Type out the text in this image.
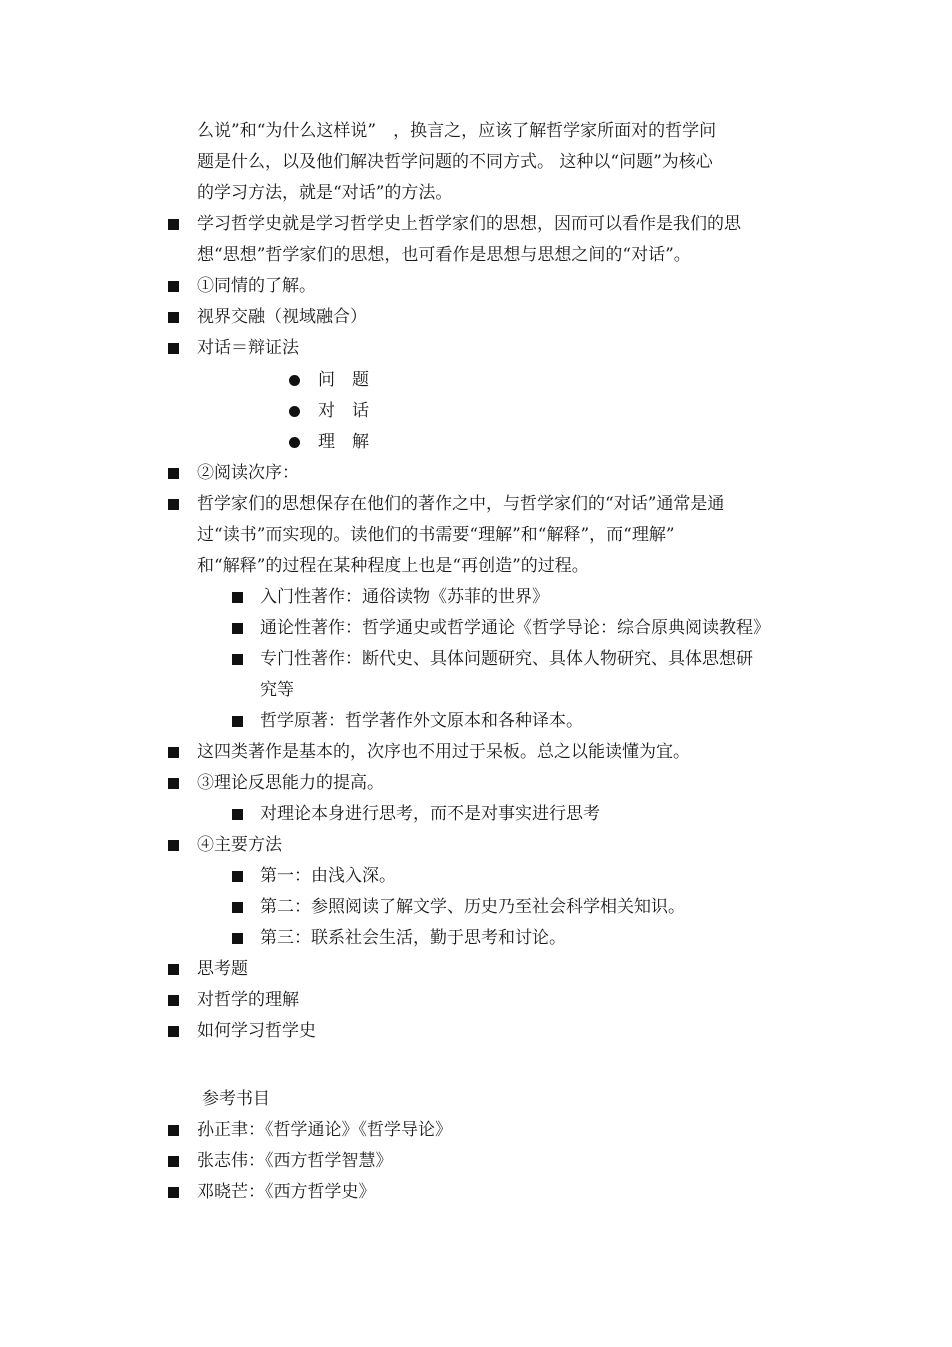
么说”和“为什么这样说”　，换言之，应该了解哲学家所面对的哲学问
题是什么，以及他们解决哲学问题的不同方式。 这种以“问题”为核心
的学习方法，就是“对话”的方法。
学习哲学史就是学习哲学史上哲学家们的思想，因而可以看作是我们的思
想“思想”哲学家们的思想，也可看作是思想与思想之间的“对话”。
①同情的了解。
视界交融（视域融合）
对话＝辩证法
问　题
对　话
理　解
②阅读次序：
哲学家们的思想保存在他们的著作之中，与哲学家们的“对话”通常是通
过“读书”而实现的。读他们的书需要“理解”和“解释”，而“理解”
和“解释”的过程在某种程度上也是“再创造”的过程。
入门性著作：通俗读物《苏菲的世界》
通论性著作：哲学通史或哲学通论《哲学导论：综合原典阅读教程》
专门性著作：断代史、具体问题研究、具体人物研究、具体思想研
究等
哲学原著：哲学著作外文原本和各种译本。
这四类著作是基本的，次序也不用过于呆板。总之以能读懂为宜。
③理论反思能力的提高。
对理论本身进行思考，而不是对事实进行思考
④主要方法
第一：由浅入深。
第二：参照阅读了解文学、历史乃至社会科学相关知识。
第三：联系社会生活，勤于思考和讨论。
思考题
对哲学的理解
如何学习哲学史
参考书目
孙正聿：《哲学通论》《哲学导论》
张志伟：《西方哲学智慧》
邓晓芒：《西方哲学史》
